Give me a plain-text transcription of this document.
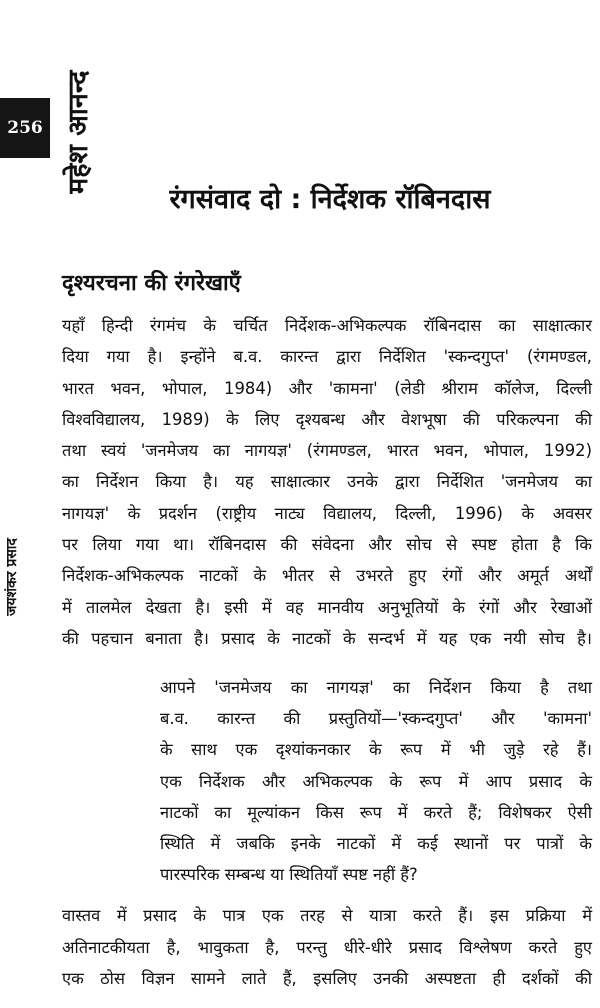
256 महेश आनन्द
जयशंकर प्रसाद
रंगसंवाद दो : निर्देशक रॉबिनदास
दृश्यरचना की रंगरेखाएँ

यहाँ हिन्दी रंगमंच के चर्चित निर्देशक-अभिकल्पक रॉबिनदास का साक्षात्कार
दिया गया है। इन्होंने ब.व. कारन्त द्वारा निर्देशित 'स्कन्दगुप्त' (रंगमण्डल,
भारत भवन, भोपाल, 1984) और 'कामना' (लेडी श्रीराम कॉलेज, दिल्ली
विश्वविद्यालय, 1989) के लिए दृश्यबन्ध और वेशभूषा की परिकल्पना की
तथा स्वयं 'जनमेजय का नागयज्ञ' (रंगमण्डल, भारत भवन, भोपाल, 1992)
का निर्देशन किया है। यह साक्षात्कार उनके द्वारा निर्देशित 'जनमेजय का
नागयज्ञ' के प्रदर्शन (राष्ट्रीय नाट्य विद्यालय, दिल्ली, 1996) के अवसर
पर लिया गया था। रॉबिनदास की संवेदना और सोच से स्पष्ट होता है कि
निर्देशक-अभिकल्पक नाटकों के भीतर से उभरते हुए रंगों और अमूर्त अर्थों
में तालमेल देखता है। इसी में वह मानवीय अनुभूतियों के रंगों और रेखाओं
की पहचान बनाता है। प्रसाद के नाटकों के सन्दर्भ में यह एक नयी सोच है।

आपने 'जनमेजय का नागयज्ञ' का निर्देशन किया है तथा
ब.व. कारन्त की प्रस्तुतियों—'स्कन्दगुप्त' और 'कामना'
के साथ एक दृश्यांकनकार के रूप में भी जुड़े रहे हैं।
एक निर्देशक और अभिकल्पक के रूप में आप प्रसाद के
नाटकों का मूल्यांकन किस रूप में करते हैं; विशेषकर ऐसी
स्थिति में जबकि इनके नाटकों में कई स्थानों पर पात्रों के
पारस्परिक सम्बन्ध या स्थितियाँ स्पष्ट नहीं हैं?

वास्तव में प्रसाद के पात्र एक तरह से यात्रा करते हैं। इस प्रक्रिया में
अतिनाटकीयता है, भावुकता है, परन्तु धीरे-धीरे प्रसाद विश्लेषण करते हुए
एक ठोस विज्ञन सामने लाते हैं, इसलिए उनकी अस्पष्टता ही दर्शकों की
